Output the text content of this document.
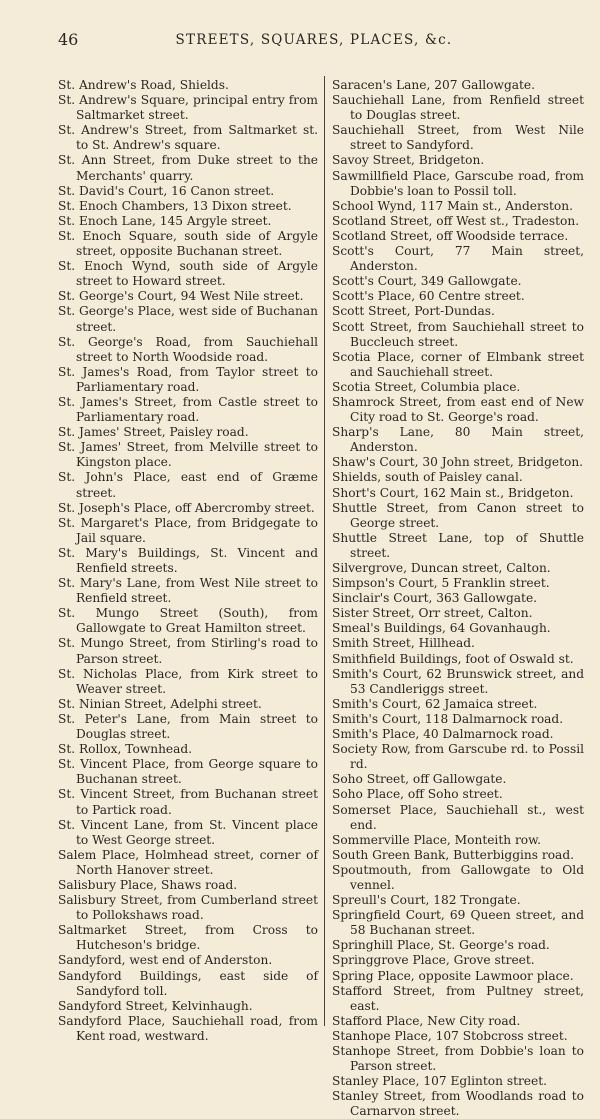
46	STREETS, SQUARES, PLACES, &c.
St. Andrew's Road, Shields.
St. Andrew's Square, principal entry from Saltmarket street.
St. Andrew's Street, from Saltmarket st. to St. Andrew's square.
St. Ann Street, from Duke street to the Merchants' quarry.
St. David's Court, 16 Canon street.
St. Enoch Chambers, 13 Dixon street.
St. Enoch Lane, 145 Argyle street.
St. Enoch Square, south side of Argyle street, opposite Buchanan street.
St. Enoch Wynd, south side of Argyle street to Howard street.
St. George's Court, 94 West Nile street.
St. George's Place, west side of Buchanan street.
St. George's Road, from Sauchiehall street to North Woodside road.
St. James's Road, from Taylor street to Parliamentary road.
St. James's Street, from Castle street to Parliamentary road.
St. James' Street, Paisley road.
St. James' Street, from Melville street to Kingston place.
St. John's Place, east end of Græme street.
St. Joseph's Place, off Abercromby street.
St. Margaret's Place, from Bridgegate to Jail square.
St. Mary's Buildings, St. Vincent and Renfield streets.
St. Mary's Lane, from West Nile street to Renfield street.
St. Mungo Street (South), from Gallowgate to Great Hamilton street.
St. Mungo Street, from Stirling's road to Parson street.
St. Nicholas Place, from Kirk street to Weaver street.
St. Ninian Street, Adelphi street.
St. Peter's Lane, from Main street to Douglas street.
St. Rollox, Townhead.
St. Vincent Place, from George square to Buchanan street.
St. Vincent Street, from Buchanan street to Partick road.
St. Vincent Lane, from St. Vincent place to West George street.
Salem Place, Holmhead street, corner of North Hanover street.
Salisbury Place, Shaws road.
Salisbury Street, from Cumberland street to Pollokshaws road.
Saltmarket Street, from Cross to Hutcheson's bridge.
Sandyford, west end of Anderston.
Sandyford Buildings, east side of Sandyford toll.
Sandyford Street, Kelvinhaugh.
Sandyford Place, Sauchiehall road, from Kent road, westward.
Saracen's Lane, 207 Gallowgate.
Sauchiehall Lane, from Renfield street to Douglas street.
Sauchiehall Street, from West Nile street to Sandyford.
Savoy Street, Bridgeton.
Sawmillfield Place, Garscube road, from Dobbie's loan to Possil toll.
School Wynd, 117 Main st., Anderston.
Scotland Street, off West st., Tradeston.
Scotland Street, off Woodside terrace.
Scott's Court, 77 Main street, Anderston.
Scott's Court, 349 Gallowgate.
Scott's Place, 60 Centre street.
Scott Street, Port-Dundas.
Scott Street, from Sauchiehall street to Buccleuch street.
Scotia Place, corner of Elmbank street and Sauchiehall street.
Scotia Street, Columbia place.
Shamrock Street, from east end of New City road to St. George's road.
Sharp's Lane, 80 Main street, Anderston.
Shaw's Court, 30 John street, Bridgeton.
Shields, south of Paisley canal.
Short's Court, 162 Main st., Bridgeton.
Shuttle Street, from Canon street to George street.
Shuttle Street Lane, top of Shuttle street.
Silvergrove, Duncan street, Calton.
Simpson's Court, 5 Franklin street.
Sinclair's Court, 363 Gallowgate.
Sister Street, Orr street, Calton.
Smeal's Buildings, 64 Govanhaugh.
Smith Street, Hillhead.
Smithfield Buildings, foot of Oswald st.
Smith's Court, 62 Brunswick street, and 53 Candleriggs street.
Smith's Court, 62 Jamaica street.
Smith's Court, 118 Dalmarnock road.
Smith's Place, 40 Dalmarnock road.
Society Row, from Garscube rd. to Possil rd.
Soho Street, off Gallowgate.
Soho Place, off Soho street.
Somerset Place, Sauchiehall st., west end.
Sommerville Place, Monteith row.
South Green Bank, Butterbiggins road.
Spoutmouth, from Gallowgate to Old vennel.
Spreull's Court, 182 Trongate.
Springfield Court, 69 Queen street, and 58 Buchanan street.
Springhill Place, St. George's road.
Springgrove Place, Grove street.
Spring Place, opposite Lawmoor place.
Stafford Street, from Pultney street, east.
Stafford Place, New City road.
Stanhope Place, 107 Stobcross street.
Stanhope Street, from Dobbie's loan to Parson street.
Stanley Place, 107 Eglinton street.
Stanley Street, from Woodlands road to Carnarvon street.
